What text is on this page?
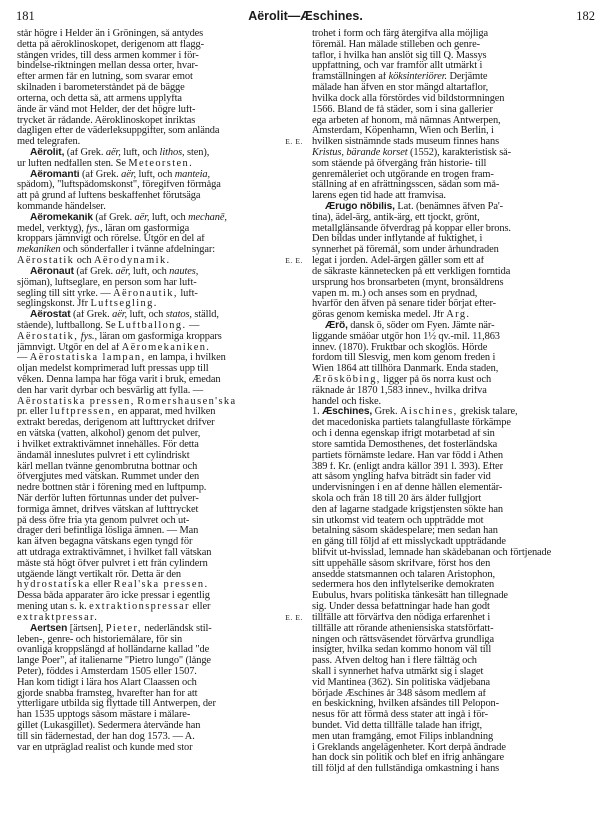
181	Aërolit—Æschines.	182
står högre i Helder än i Gröningen, så antydes
detta på aëroklinoskopet, derigenom att flagg-
stången vrides, till dess armen kommer i för-
bindelse-riktningen mellan dessa orter, hvar-
efter armen får en lutning, som svarar emot
skilnaden i barometerståndet på de bägge
orterna, och detta så, att armens upplyfta
ände är vänd mot Helder, der det högre luft-
trycket är rådande. Aëroklinoskopet inriktas
dagligen efter de väderleksuppgifter, som anlända
med telegrafen.	E. E.
Aërolit, (af Grek. aër, luft, och lithos, sten),
ur luften nedfallen sten. Se Meteorsten.
Aëromanti (af Grek. aër, luft, och manteia,
spådom), "luftspådomskonst", föregifven förmåga
att på grund af luftens beskaffenhet förutsäga
kommande händelser.
Aëromekanik (af Grek. aër, luft, och mechanē,
medel, verktyg), fys., läran om gasformiga
kroppars jämnvigt och rörelse. Utgör en del af
mekaniken och sönderfaller i tvänne afdelningar:
Aërostatik och Aërodynamik.	E. E.
Aëronaut (af Grek. aër, luft, och nautes,
sjöman), luftseglare, en person som har luft-
segling till sitt yrke. — Aëronautik, luft-
seglingskonst. Jfr Luftsegling.
Aërostat (af Grek. aër, luft, och statos, ställd,
stående), luftballong. Se Luftballong. —
Aërostatik, fys., läran om gasformiga kroppars
jämnvigt. Utgör en del af Aëromekaniken.
— Aërostatiska lampan, en lampa, i hvilken
oljan medelst komprimerad luft pressas upp till
vêken. Denna lampa har föga varit i bruk, emedan
den har varit dyrbar och besvärlig att fylla. —
Aërostatiska pressen, Romershausen'ska
pr. eller luftpressen, en apparat, med hvilken
extrakt beredas, derigenom att lufttrycket drifver
en vätska (vatten, alkohol) genom det pulver,
i hvilket extraktivämnet innehålles. För detta
ändamål inneslutes pulvret i ett cylindriskt
kärl mellan tvänne genombrutna bottnar och
öfvergjutes med vätskan. Rummet under den
nedre bottnen står i förening med en luftpump.
När derför luften förtunnas under det pulver-
formiga ämnet, drifves vätskan af lufttrycket
på dess öfre fria yta genom pulvret och ut-
drager deri befintliga lösliga ämnen. — Man
kan äfven begagna vätskans egen tyngd för
att utdraga extraktivämnet, i hvilket fall vätskan
måste stå högt öfver pulvret i ett från cylindern
utgående långt vertikalt rör. Detta är den
hydrostatiska eller Real'ska pressen.
Dessa båda apparater äro icke pressar i egentlig
mening utan s. k. extraktionspressar eller
extraktpressar.	E. E.
Aertsen [ärtsen], Pieter, nederländsk stil-
leben-, genre- och historiemålare, för sin
ovanliga kroppslängd af holländarne kallad "de
lange Poer", af italienarne "Pietro lungo" (långe
Peter), föddes i Amsterdam 1505 eller 1507.
Han kom tidigt i lära hos Alart Claassen och
gjorde snabba framsteg, hvarefter han for att
ytterligare utbilda sig flyttade till Antwerpen, der
han 1535 upptogs såsom mästare i målare-
gillet (Lukasgillet). Sedermera återvände han
till sin fädernestad, der han dog 1573. — A.
var en utpräglad realist och kunde med stor
trohet i form och färg återgifva alla möjliga
föremål. Han målade stilleben och genre-
taflor, i hvilka han anslöt sig till Q. Massys
uppfattning, och var framför allt utmärkt i
framställningen af köksinteriörer. Derjämte
målade han äfven en stor mängd altartaflor,
hvilka dock alla förstördes vid bildstormningen
1566. Bland de få städer, som i sina gallerier
ega arbeten af honom, må nämnas Antwerpen,
Amsterdam, Köpenhamn, Wien och Berlin, i
hvilken sistnämnde stads museum finnes hans
Kristus, bärande korset (1552), karakteristisk så-
som stående på öfvergång från historie- till
genremåleriet och utgörande en trogen fram-
ställning af en afrättningsscen, sådan som må-
larens egen tid hade att framvisa.
Ærugo nöbilis, Lat. (benämnes äfven Pa'-
tina), ädel-ärg, antik-ärg, ett tjockt, grönt,
metallglänsande öfverdrag på koppar eller brons.
Den bildas under inflytande af fuktighet, i
synnerhet på föremål, som under århundraden
legat i jorden. Ädel-ärgen gäller som ett af
de säkraste kännetecken på ett verkligen forntida
ursprung hos bronsarbeten (mynt, bronsåldrens
vapen m. m.) och anses som en prydnad,
hvarför den äfven på senare tider börjat efter-
göras genom kemiska medel. Jfr Ärg.
Ærö, dansk ö, söder om Fyen. Jämte när-
liggande småöar utgör hon 1½ qv.-mil. 11,863
innev. (1870). Fruktbar och skoglös. Hörde
fordom till Slesvig, men kom genom freden i
Wien 1864 att tillhöra Danmark. Enda staden,
Ærösköbing, ligger på ös norra kust och
räknade år 1870 1,583 innev., hvilka drifva
handel och fiske.
1. Æschines, Grek. Aischines, grekisk talare,
det macedoniska partiets talangfullaste förkämpe
och i denna egenskap ifrigt motarbetad af sin
store samtida Demosthenes, det fosterländska
partiets förnämste ledare. Han var född i Athen
389 f. Kr. (enligt andra källor 391 l. 393). Efter
att såsom yngling hafva biträdt sin fader vid
undervisningen i en af denne hållen elementär-
skola och från 18 till 20 års ålder fullgjort
den af lagarne stadgade krigstjensten sökte han
sin utkomst vid teatern och uppträdde mot
betalning såsom skådespelare; men sedan han
en gång till följd af ett misslyckadt uppträdande
blifvit ut-hvisslad, lemnade han skådebanan och förtjenade
sitt uppehälle såsom skrifvare, först hos den
ansedde statsmannen och talaren Aristophon,
sedermera hos den inflytelserike demokraten
Eubulus, hvars politiska tänkesätt han tillegnade
sig. Under dessa befattningar hade han godt
tillfälle att förvärfva den nödiga erfarenhet i
tillfälle att rörande atheniensiska statsförfatt-
ningen och rättsväsendet förvärfva grundliga
insigter, hvilka sedan kommo honom väl till
pass. Äfven deltog han i flere fälttåg och
skall i synnerhet hafva utmärkt sig i slaget
vid Mantinea (362). Sin politiska vädjebana
började Æschines år 348 såsom medlem af
en beskickning, hvilken afsändes till Pelopon-
nesus för att förmå dess stater att ingå i för-
bundet. Vid detta tillfälle talade han ifrigt,
men utan framgång, emot Filips inblandning
i Greklands angelägenheter. Kort derpå ändrade
han dock sin politik och blef en ifrig anhängare
till följd af den fullständiga omkastning i hans
